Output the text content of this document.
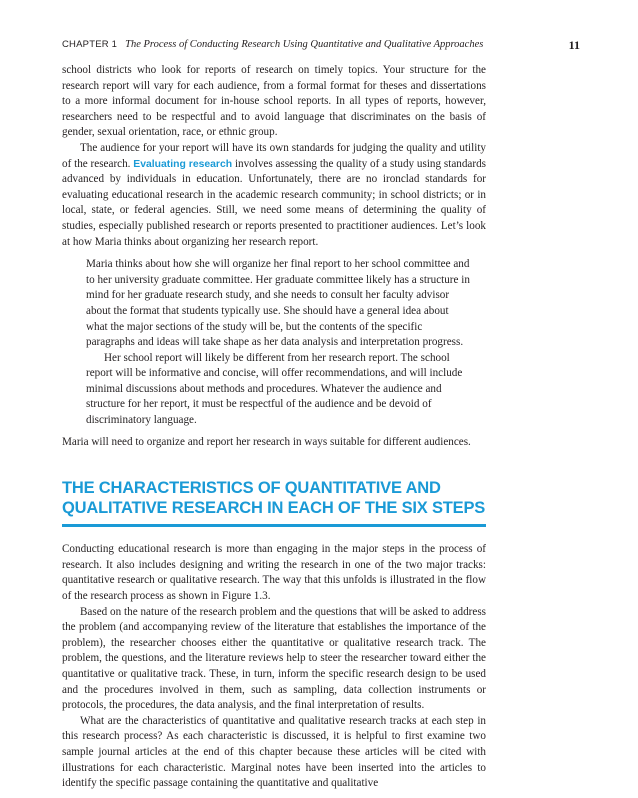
CHAPTER 1 The Process of Conducting Research Using Quantitative and Qualitative Approaches	11

school districts who look for reports of research on timely topics. Your structure for the research report will vary for each audience, from a formal format for theses and dissertations to a more informal document for in-house school reports. In all types of reports, however, researchers need to be respectful and to avoid language that discriminates on the basis of gender, sexual orientation, race, or ethnic group.

The audience for your report will have its own standards for judging the quality and utility of the research. Evaluating research involves assessing the quality of a study using standards advanced by individuals in education. Unfortunately, there are no ironclad standards for evaluating educational research in the academic research community; in school districts; or in local, state, or federal agencies. Still, we need some means of determining the quality of studies, especially published research or reports presented to practitioner audiences. Let’s look at how Maria thinks about organizing her research report.

Maria thinks about how she will organize her final report to her school committee and to her university graduate committee. Her graduate committee likely has a structure in mind for her graduate research study, and she needs to consult her faculty advisor about the format that students typically use. She should have a general idea about what the major sections of the study will be, but the contents of the specific paragraphs and ideas will take shape as her data analysis and interpretation progress.

Her school report will likely be different from her research report. The school report will be informative and concise, will offer recommendations, and will include minimal discussions about methods and procedures. Whatever the audience and structure for her report, it must be respectful of the audience and be devoid of discriminatory language.

Maria will need to organize and report her research in ways suitable for different audiences.

THE CHARACTERISTICS OF QUANTITATIVE AND
QUALITATIVE RESEARCH IN EACH OF THE SIX STEPS

Conducting educational research is more than engaging in the major steps in the process of research. It also includes designing and writing the research in one of the two major tracks: quantitative research or qualitative research. The way that this unfolds is illustrated in the flow of the research process as shown in Figure 1.3.

Based on the nature of the research problem and the questions that will be asked to address the problem (and accompanying review of the literature that establishes the importance of the problem), the researcher chooses either the quantitative or qualitative research track. The problem, the questions, and the literature reviews help to steer the researcher toward either the quantitative or qualitative track. These, in turn, inform the specific research design to be used and the procedures involved in them, such as sampling, data collection instruments or protocols, the procedures, the data analysis, and the final interpretation of results.

What are the characteristics of quantitative and qualitative research tracks at each step in this research process? As each characteristic is discussed, it is helpful to first examine two sample journal articles at the end of this chapter because these articles will be cited with illustrations for each characteristic. Marginal notes have been inserted into the articles to identify the specific passage containing the quantitative and qualitative
